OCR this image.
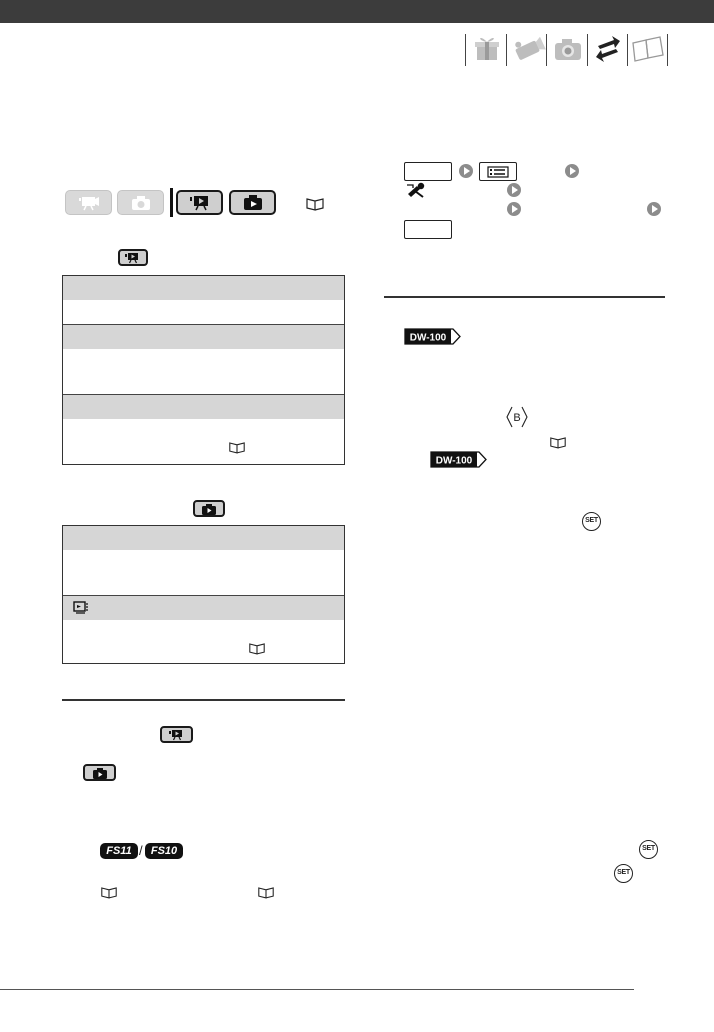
FS11 / FS10
DW-100
B
DW-100
SET
SET
SET
